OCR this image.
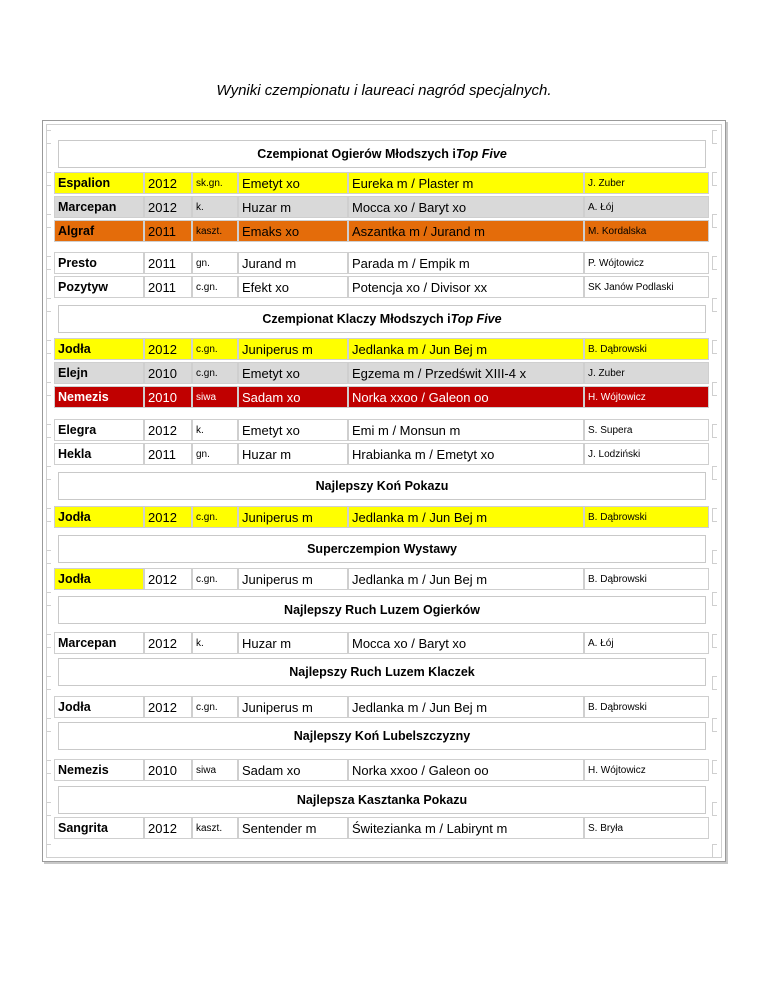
Wyniki czempionatu i laureaci nagród specjalnych.
Czempionat Ogierów Młodszych i Top Five
Espalion	2012	sk.gn.	Emetyt xo	Eureka m / Plaster m	J. Zuber
Marcepan	2012	k.	Huzar m	Mocca xo / Baryt xo	A. Łój
Algraf	2011	kaszt.	Emaks xo	Aszantka m / Jurand m	M. Kordalska
Presto	2011	gn.	Jurand m	Parada m / Empik m	P. Wójtowicz
Pozytyw	2011	c.gn.	Efekt xo	Potencja xo / Divisor xx	SK Janów Podlaski
Czempionat Klaczy Młodszych i Top Five
Jodła	2012	c.gn.	Juniperus m	Jedlanka m / Jun Bej m	B. Dąbrowski
Elejn	2010	c.gn.	Emetyt xo	Egzema m / Przedświt XIII-4 x	J. Zuber
Nemezis	2010	siwa	Sadam xo	Norka xxoo / Galeon oo	H. Wójtowicz
Elegra	2012	k.	Emetyt xo	Emi m / Monsun m	S. Supera
Hekla	2011	gn.	Huzar m	Hrabianka m / Emetyt xo	J. Lodziński
Najlepszy Koń Pokazu
Jodła	2012	c.gn.	Juniperus m	Jedlanka m / Jun Bej m	B. Dąbrowski
Superczempion Wystawy
Jodła	2012	c.gn.	Juniperus m	Jedlanka m / Jun Bej m	B. Dąbrowski
Najlepszy Ruch Luzem Ogierków
Marcepan	2012	k.	Huzar m	Mocca xo / Baryt xo	A. Łój
Najlepszy Ruch Luzem Klaczek
Jodła	2012	c.gn.	Juniperus m	Jedlanka m / Jun Bej m	B. Dąbrowski
Najlepszy Koń Lubelszczyzny
Nemezis	2010	siwa	Sadam xo	Norka xxoo / Galeon oo	H. Wójtowicz
Najlepsza Kasztanka Pokazu
Sangrita	2012	kaszt.	Sentender m	Świtezianka m / Labirynt m	S. Bryła
